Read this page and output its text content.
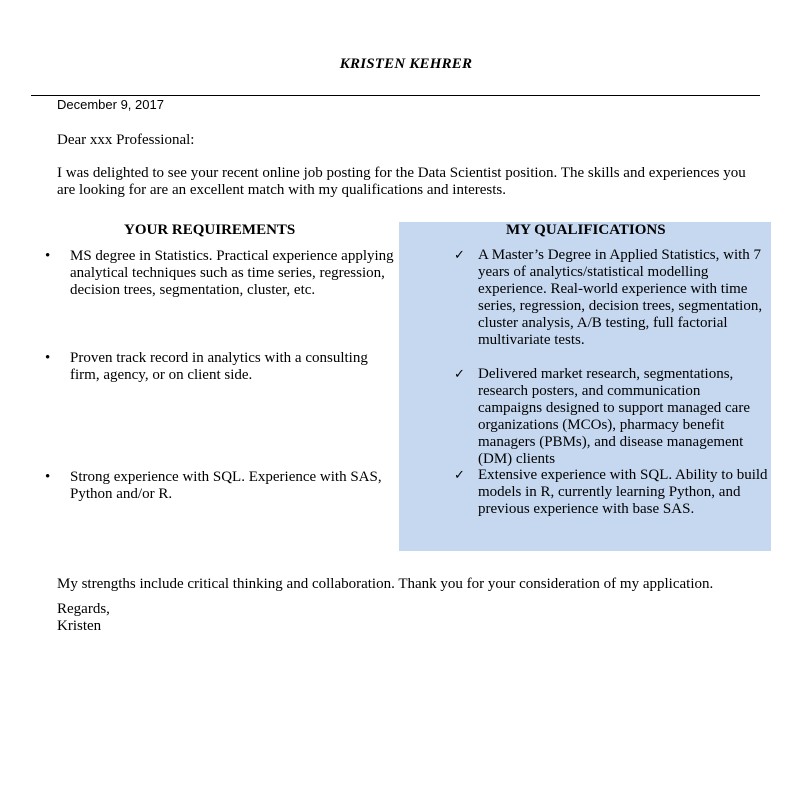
KRISTEN KEHRER
December 9, 2017
Dear xxx Professional:
I was delighted to see your recent online job posting for the Data Scientist position. The skills and experiences you are looking for are an excellent match with my qualifications and interests.
YOUR REQUIREMENTS	MY QUALIFICATIONS
• MS degree in Statistics. Practical experience applying analytical techniques such as time series, regression, decision trees, segmentation, cluster, etc.
• Proven track record in analytics with a consulting firm, agency, or on client side.
• Strong experience with SQL. Experience with SAS, Python and/or R.
✓ A Master’s Degree in Applied Statistics, with 7 years of analytics/statistical modelling experience. Real-world experience with time series, regression, decision trees, segmentation, cluster analysis, A/B testing, full factorial multivariate tests.
✓ Delivered market research, segmentations, research posters, and communication campaigns designed to support managed care organizations (MCOs), pharmacy benefit managers (PBMs), and disease management (DM) clients
✓ Extensive experience with SQL. Ability to build models in R, currently learning Python, and previous experience with base SAS.
My strengths include critical thinking and collaboration. Thank you for your consideration of my application.
Regards,
Kristen
